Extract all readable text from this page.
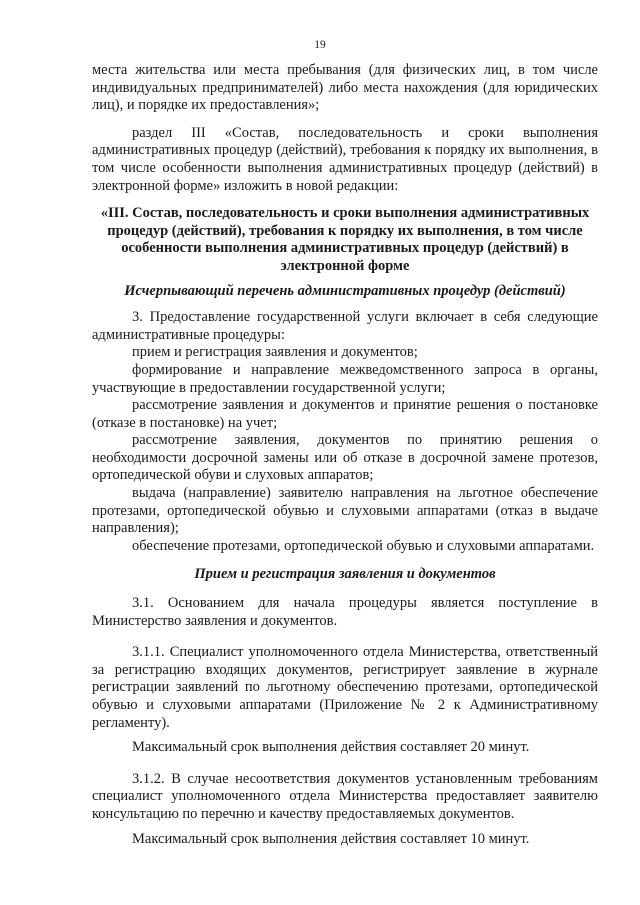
19

места жительства или места пребывания (для физических лиц, в том числе индивидуальных предпринимателей) либо места нахождения (для юридических лиц), и порядке их предоставления»;

раздел III «Состав, последовательность и сроки выполнения административных процедур (действий), требования к порядку их выполнения, в том числе особенности выполнения административных процедур (действий) в электронной форме» изложить в новой редакции:

«III. Состав, последовательность и сроки выполнения административных процедур (действий), требования к порядку их выполнения, в том числе особенности выполнения административных процедур (действий) в электронной форме

Исчерпывающий перечень административных процедур (действий)

3. Предоставление государственной услуги включает в себя следующие административные процедуры:

прием и регистрация заявления и документов;

формирование и направление межведомственного запроса в органы, участвующие в предоставлении государственной услуги;

рассмотрение заявления и документов и принятие решения о постановке (отказе в постановке) на учет;

рассмотрение заявления, документов по принятию решения о необходимости досрочной замены или об отказе в досрочной замене протезов, ортопедической обуви и слуховых аппаратов;

выдача (направление) заявителю направления на льготное обеспечение протезами, ортопедической обувью и слуховыми аппаратами (отказ в выдаче направления);

обеспечение протезами, ортопедической обувью и слуховыми аппаратами.

Прием и регистрация заявления и документов

3.1. Основанием для начала процедуры является поступление в Министерство заявления и документов.

3.1.1. Специалист уполномоченного отдела Министерства, ответственный за регистрацию входящих документов, регистрирует заявление в журнале регистрации заявлений по льготному обеспечению протезами, ортопедической обувью и слуховыми аппаратами (Приложение № 2 к Административному регламенту).

Максимальный срок выполнения действия составляет 20 минут.

3.1.2. В случае несоответствия документов установленным требованиям специалист уполномоченного отдела Министерства предоставляет заявителю консультацию по перечню и качеству предоставляемых документов.

Максимальный срок выполнения действия составляет 10 минут.
